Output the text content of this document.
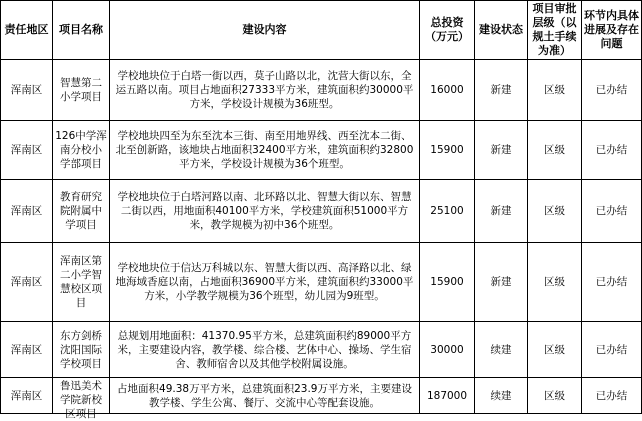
责任地区	项目名称	建设内容	总投资（万元）	建设状态	项目审批层级（以规土手续为准）	环节内具体进展及存在问题

浑南区	智慧第二小学项目	学校地块位于白塔一街以西，莫子山路以北，沈营大街以东，全运五路以南。项目占地面积27333平方米，建筑面积约30000平方米，学校设计规模为36班型。	16000	新建	区级	已办结
浑南区	126中学浑南分校小学部项目	学校地块四至为东至沈本三街、南至用地界线、西至沈本二街、北至创新路，该地块占地面积32400平方米，建筑面积约32800平方米，学校设计规模为36个班型。	15900	新建	区级	已办结
浑南区	教育研究院附属中学项目	学校地块位于白塔河路以南、北环路以北、智慧大街以东、智慧二街以西，用地面积40100平方米，学校建筑面积51000平方米，教学规模为初中36个班型。	25100	新建	区级	已办结
浑南区	浑南区第二小学智慧校区项目	学校地块位于信达万科城以东、智慧大街以西、高泽路以北、绿地海域香庭以南，占地面积36900平方米，建筑面积约33000平方米，小学教学规模为36个班型，幼儿园为9班型。	15900	新建	区级	已办结
浑南区	东方剑桥沈阳国际学校项目	总规划用地面积：41370.95平方米，总建筑面积约89000平方米，主要建设内容，教学楼、综合楼、艺体中心、操场、学生宿舍、教师宿舍以及其他学校附属设施。	30000	续建	区级	已办结
浑南区	鲁迅美术学院新校区项目	占地面积49.38万平方米，总建筑面积23.9万平方米，主要建设教学楼、学生公寓、餐厅、交流中心等配套设施。	187000	续建	区级	已办结
